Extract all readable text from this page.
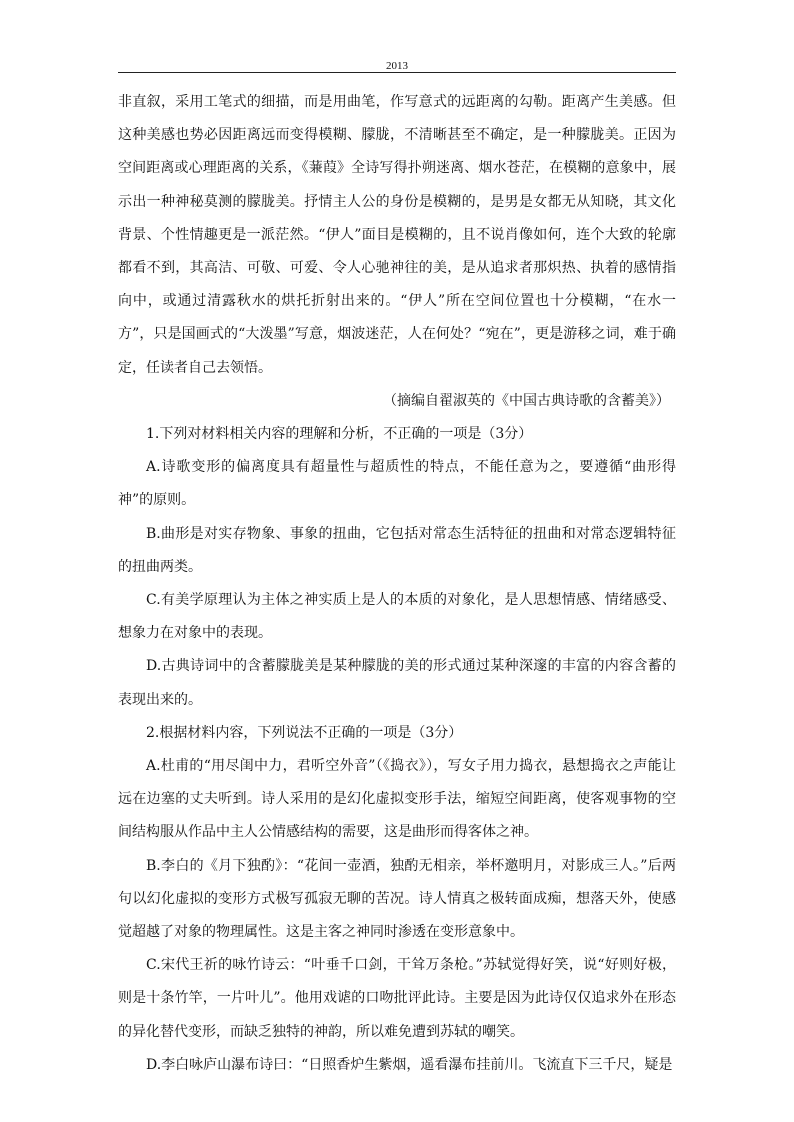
2013

非直叙，采用工笔式的细描，而是用曲笔，作写意式的远距离的勾勒。距离产生美感。但这种美感也势必因距离远而变得模糊、朦胧，不清晰甚至不确定，是一种朦胧美。正因为空间距离或心理距离的关系，《蒹葭》全诗写得扑朔迷离、烟水苍茫，在模糊的意象中，展示出一种神秘莫测的朦胧美。抒情主人公的身份是模糊的，是男是女都无从知晓，其文化背景、个性情趣更是一派茫然。“伊人”面目是模糊的，且不说肖像如何，连个大致的轮廓都看不到，其高洁、可敬、可爱、令人心驰神往的美，是从追求者那炽热、执着的感情指向中，或通过清露秋水的烘托折射出来的。“伊人”所在空间位置也十分模糊，“在水一方”，只是国画式的“大泼墨”写意，烟波迷茫，人在何处？“宛在”，更是游移之词，难于确定，任读者自己去领悟。

（摘编自翟淑英的《中国古典诗歌的含蓄美》）

1.下列对材料相关内容的理解和分析，不正确的一项是（3分）

A.诗歌变形的偏离度具有超量性与超质性的特点，不能任意为之，要遵循“曲形得神”的原则。

B.曲形是对实存物象、事象的扭曲，它包括对常态生活特征的扭曲和对常态逻辑特征的扭曲两类。

C.有美学原理认为主体之神实质上是人的本质的对象化，是人思想情感、情绪感受、想象力在对象中的表现。

D.古典诗词中的含蓄朦胧美是某种朦胧的美的形式通过某种深邃的丰富的内容含蓄的表现出来的。

2.根据材料内容，下列说法不正确的一项是（3分）

A.杜甫的“用尽闺中力，君听空外音”（《捣衣》），写女子用力捣衣，悬想捣衣之声能让远在边塞的丈夫听到。诗人采用的是幻化虚拟变形手法，缩短空间距离，使客观事物的空间结构服从作品中主人公情感结构的需要，这是曲形而得客体之神。

B.李白的《月下独酌》：“花间一壶酒，独酌无相亲，举杯邀明月，对影成三人。”后两句以幻化虚拟的变形方式极写孤寂无聊的苦况。诗人情真之极转面成痴，想落天外，使感觉超越了对象的物理属性。这是主客之神同时渗透在变形意象中。

C.宋代王祈的咏竹诗云：“叶垂千口剑，干耸万条枪。”苏轼觉得好笑，说“好则好极，则是十条竹竿，一片叶儿”。他用戏谑的口吻批评此诗。主要是因为此诗仅仅追求外在形态的异化替代变形，而缺乏独特的神韵，所以难免遭到苏轼的嘲笑。

D.李白咏庐山瀑布诗曰：“日照香炉生紫烟，遥看瀑布挂前川。飞流直下三千尺，疑是
